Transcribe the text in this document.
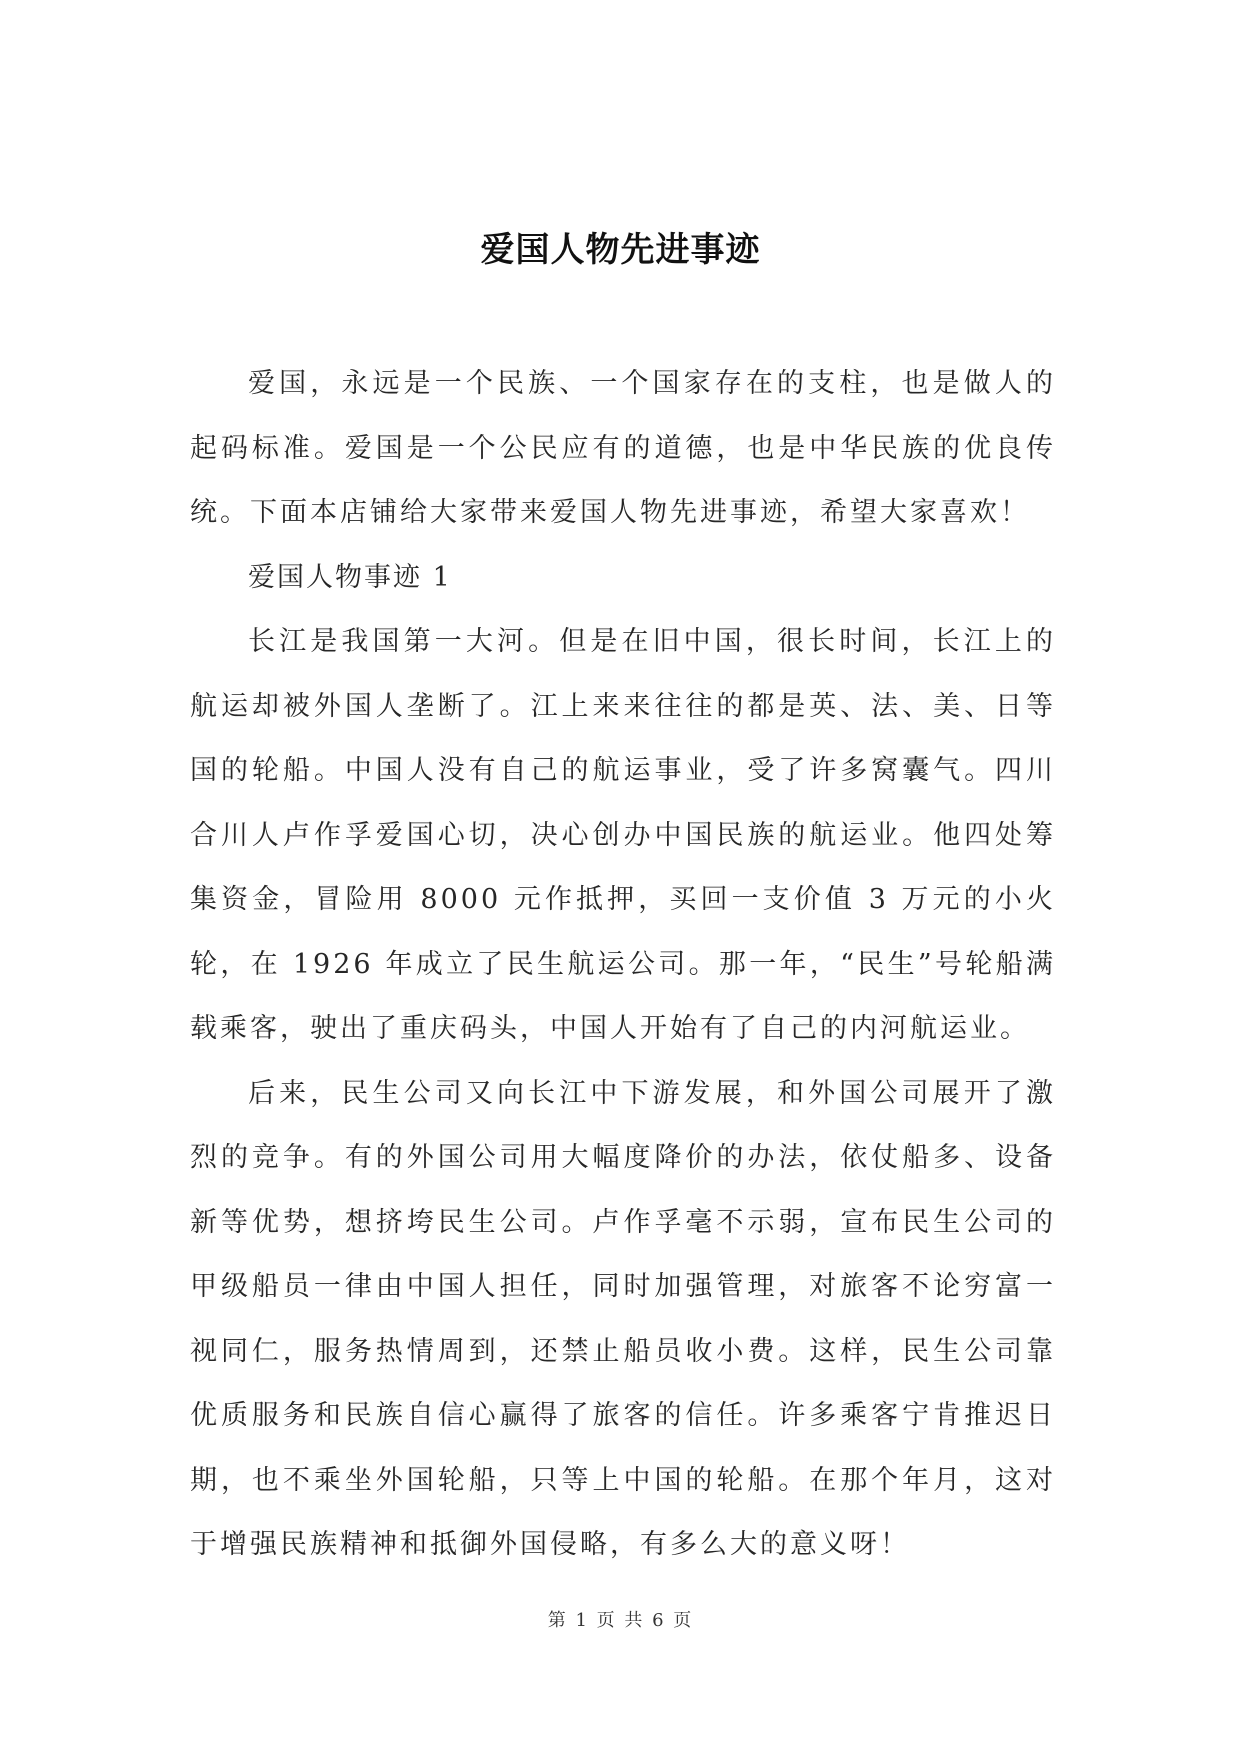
爱国人物先进事迹

爱国，永远是一个民族、一个国家存在的支柱，也是做人的起码标准。爱国是一个公民应有的道德，也是中华民族的优良传统。下面本店铺给大家带来爱国人物先进事迹，希望大家喜欢！

爱国人物事迹 1

长江是我国第一大河。但是在旧中国，很长时间，长江上的航运却被外国人垄断了。江上来来往往的都是英、法、美、日等国的轮船。中国人没有自己的航运事业，受了许多窝囊气。四川合川人卢作孚爱国心切，决心创办中国民族的航运业。他四处筹集资金，冒险用 8000 元作抵押，买回一支价值 3 万元的小火轮，在 1926 年成立了民生航运公司。那一年，“民生”号轮船满载乘客，驶出了重庆码头，中国人开始有了自己的内河航运业。

后来，民生公司又向长江中下游发展，和外国公司展开了激烈的竞争。有的外国公司用大幅度降价的办法，依仗船多、设备新等优势，想挤垮民生公司。卢作孚毫不示弱，宣布民生公司的甲级船员一律由中国人担任，同时加强管理，对旅客不论穷富一视同仁，服务热情周到，还禁止船员收小费。这样，民生公司靠优质服务和民族自信心赢得了旅客的信任。许多乘客宁肯推迟日期，也不乘坐外国轮船，只等上中国的轮船。在那个年月，这对于增强民族精神和抵御外国侵略，有多么大的意义呀！

第 1 页 共 6 页
